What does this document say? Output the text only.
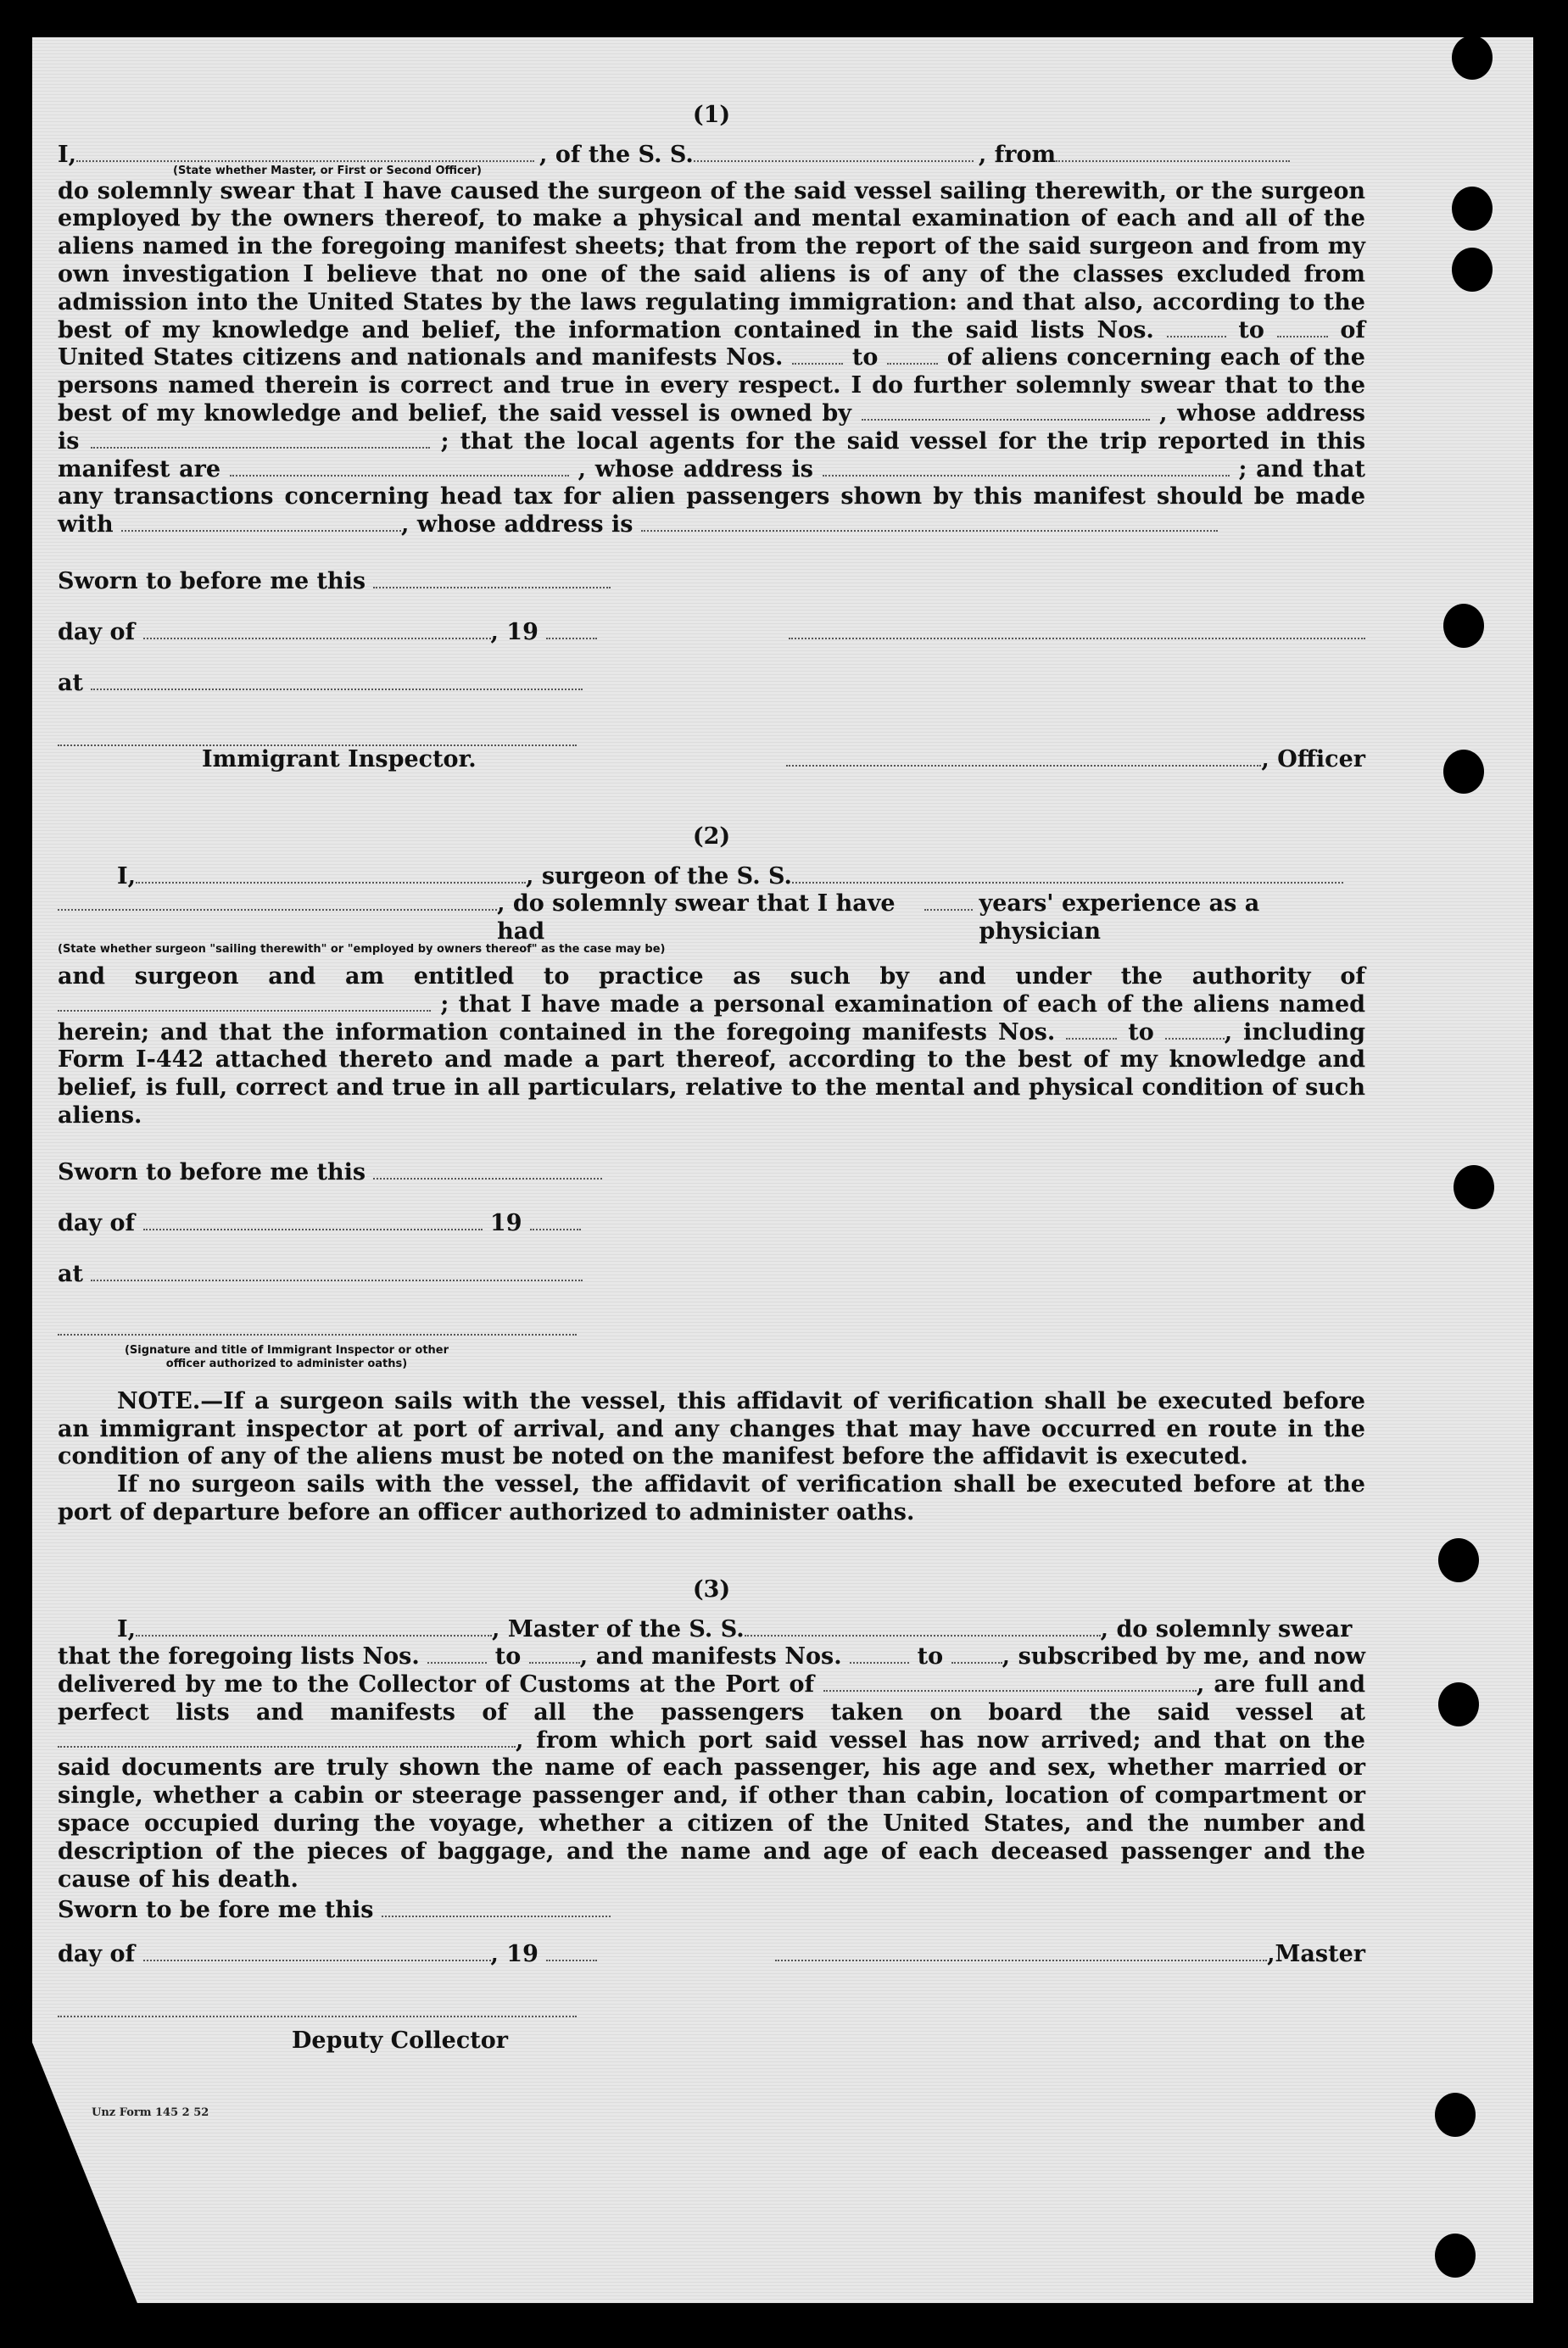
(1)
I,	, of the S. S.	, from
(State whether Master, or First or Second Officer)

do solemnly swear that I have caused the surgeon of the said vessel sailing therewith, or the surgeon employed by the owners thereof, to make a physical and mental examination of each and all of the aliens named in the foregoing manifest sheets; that from the report of the said surgeon and from my own investigation I believe that no one of the said aliens is of any of the classes excluded from admission into the United States by the laws regulating immigration: and that also, according to the best of my knowledge and belief, the information contained in the said lists Nos.	to	of United States citizens and nationals and manifests Nos.	to	of aliens concerning each of the persons named therein is correct and true in every respect. I do further solemnly swear that to the best of my knowledge and belief, the said vessel is owned by	, whose address is	; that the local agents for the said vessel for the trip reported in this manifest are	, whose address is	; and that any transactions concerning head tax for alien passengers shown by this manifest should be made with	, whose address is

Sworn to before me this
day of	, 19
at
Immigrant Inspector.	, Officer
(2)
I,	, surgeon of the S. S.
, do solemnly swear that I have had
years' experience as a physician
(State whether surgeon "sailing therewith" or "employed by owners thereof" as the case may be)

and surgeon and am entitled to practice as such by and under the authority of  ; that I have made a personal examination of each of the aliens named herein; and that the information contained in the foregoing manifests Nos.	to	, including Form I-442 attached thereto and made a part thereof, according to the best of my knowledge and belief, is full, correct and true in all particulars, relative to the mental and physical condition of such aliens.

Sworn to before me this
day of	19
at
(Signature and title of Immigrant Inspector or other
officer authorized to administer oaths)

NOTE.—If a surgeon sails with the vessel, this affidavit of verification shall be executed before an immigrant inspector at port of arrival, and any changes that may have occurred en route in the condition of any of the aliens must be noted on the manifest before the affidavit is executed.

If no surgeon sails with the vessel, the affidavit of verification shall be executed before at the port of departure before an officer authorized to administer oaths.

(3)
I,	, Master of the S. S.	, do solemnly swear

that the foregoing lists Nos.	to	, and manifests Nos.	to	, subscribed by me, and now delivered by me to the Collector of Customs at the Port of	, are full and perfect lists and manifests of all the passengers taken on board the said vessel at , from which port said vessel has now arrived; and that on the said documents are truly shown the name of each passenger, his age and sex, whether married or single, whether a cabin or steerage passenger and, if other than cabin, location of compartment or space occupied during the voyage, whether a citizen of the United States, and the number and description of the pieces of baggage, and the name and age of each deceased passenger and the cause of his death.

Sworn to be fore me this
day of	, 19	,Master
Deputy Collector
Unz Form 145 2 52
